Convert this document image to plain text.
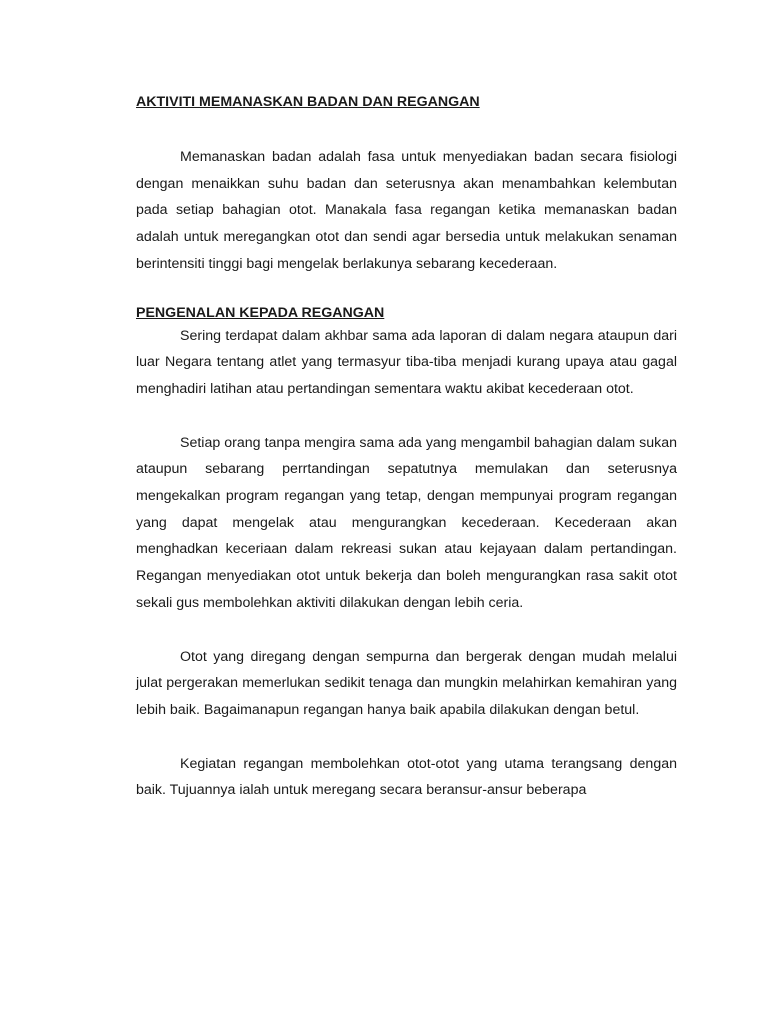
AKTIVITI MEMANASKAN BADAN DAN REGANGAN

Memanaskan badan adalah fasa untuk menyediakan badan secara fisiologi dengan menaikkan suhu badan dan seterusnya akan menambahkan kelembutan pada setiap bahagian otot. Manakala fasa regangan ketika memanaskan badan adalah untuk meregangkan otot dan sendi agar bersedia untuk melakukan senaman berintensiti tinggi bagi mengelak berlakunya sebarang kecederaan.

PENGENALAN KEPADA REGANGAN

Sering terdapat dalam akhbar sama ada laporan di dalam negara ataupun dari luar Negara tentang atlet yang termasyur tiba-tiba menjadi kurang upaya atau gagal menghadiri latihan atau pertandingan sementara waktu akibat kecederaan otot.

Setiap orang tanpa mengira sama ada yang mengambil bahagian dalam sukan ataupun sebarang perrtandingan sepatutnya memulakan dan seterusnya mengekalkan program regangan yang tetap, dengan mempunyai program regangan yang dapat mengelak atau mengurangkan kecederaan. Kecederaan akan menghadkan keceriaan dalam rekreasi sukan atau kejayaan dalam pertandingan. Regangan menyediakan otot untuk bekerja dan boleh mengurangkan rasa sakit otot sekali gus membolehkan aktiviti dilakukan dengan lebih ceria.

Otot yang diregang dengan sempurna dan bergerak dengan mudah melalui julat pergerakan memerlukan sedikit tenaga dan mungkin melahirkan kemahiran yang lebih baik. Bagaimanapun regangan hanya baik apabila dilakukan dengan betul.

Kegiatan regangan membolehkan otot-otot yang utama terangsang dengan baik. Tujuannya ialah untuk meregang secara beransur-ansur beberapa
